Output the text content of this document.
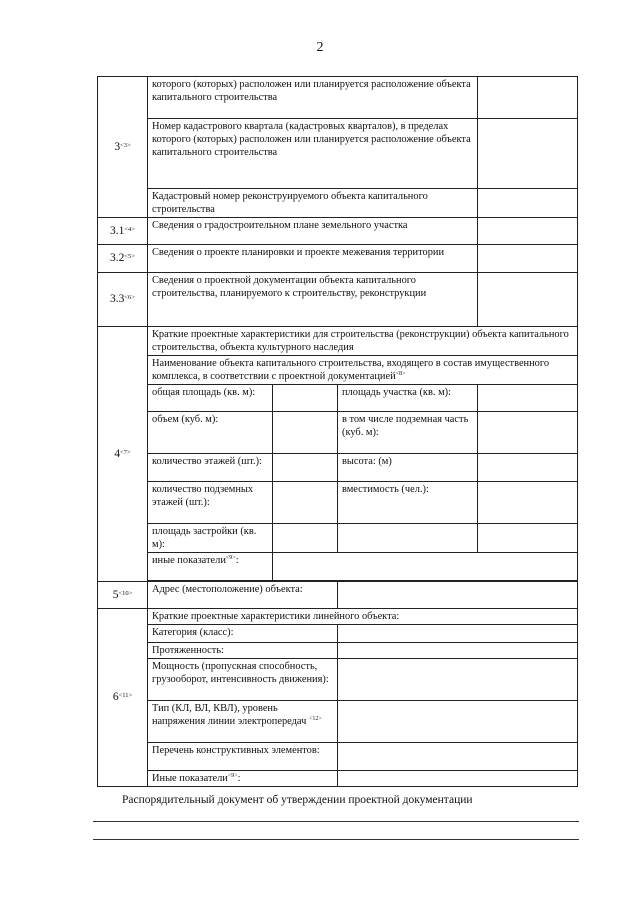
2
$3^{<3>}$	которого (которых) расположен или планируется расположение объекта капитального строительства			
	Номер кадастрового квартала (кадастровых кварталов), в пределах которого (которых) расположен или планируется расположение объекта капитального строительства			
	Кадастровый номер реконструируемого объекта капитального строительства			
$3.1^{<4>}$	Сведения о градостроительном плане земельного участка			
$3.2^{<5>}$	Сведения о проекте планировки и проекте межевания территории			
$3.3^{<6>}$	Сведения о проектной документации объекта капитального строительства, планируемого к строительству, реконструкции			
$4^{<7>}$	Краткие проектные характеристики для строительства (реконструкции) объекта капитального строительства, объекта культурного наследия			
	Наименование объекта капитального строительства, входящего в состав имущественного комплекса, в соответствии с проектной документацией$^{<8>}$
	общая площадь (кв. м):		площадь участка (кв. м):	
	объем (куб. м):		в том числе подземная часть (куб. м):	
	количество этажей (шт.):		высота: (м)	
	количество подземных этажей (шт.):		вместимость (чел.):	
	площадь застройки (кв. м):			
	иные показатели$^{<9>}$:			

$5^{<10>}$	Адрес (местоположение) объекта:			
$6^{<11>}$	Краткие проектные характеристики линейного объекта:			
	Категория (класс):			
	Протяженность:			
	Мощность (пропускная способность, грузооборот, интенсивность движения):			
	Тип (КЛ, ВЛ, КВЛ), уровень напряжения линии электропередач $^{<12>}$	
	Перечень конструктивных элементов:			
	Иные показатели$^{<9>}$:			
Распорядительный документ об утверждении проектной документации
